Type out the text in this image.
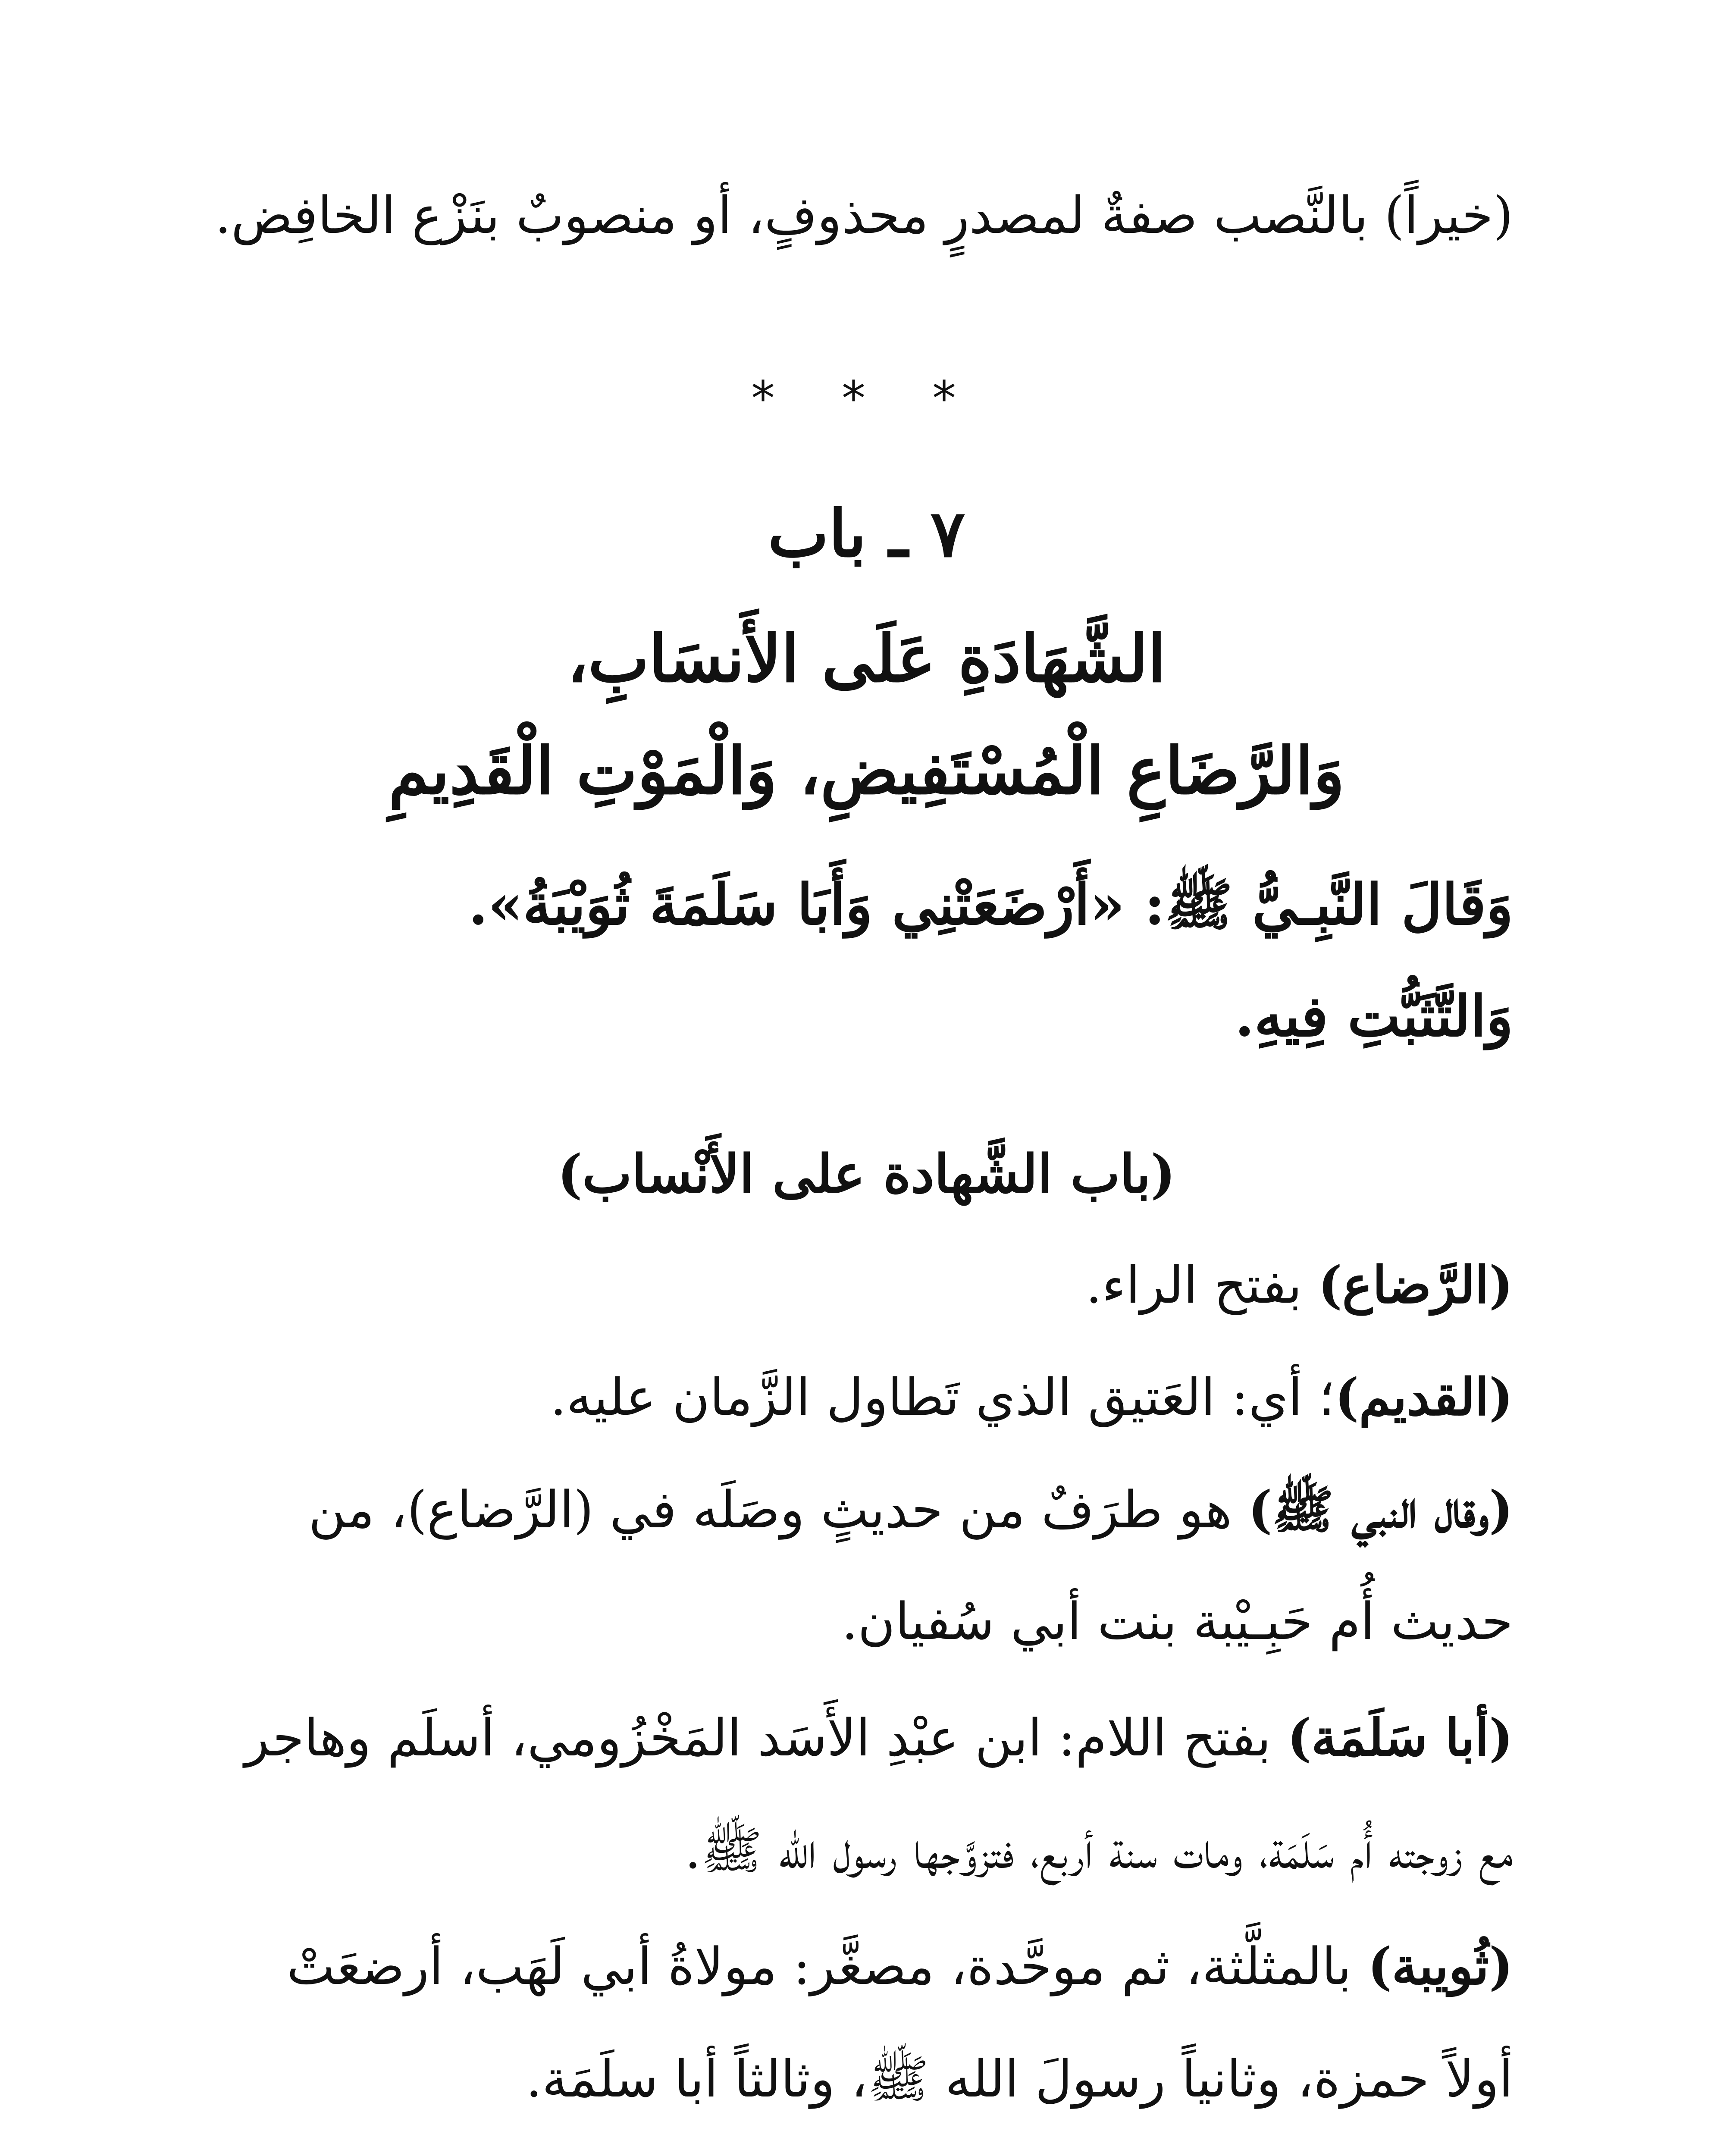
(خيراً) بالنَّصب صفةٌ لمصدرٍ محذوفٍ، أو منصوبٌ بنَزْع الخافِض.
* * *
٧ ـ باب
الشَّهَادَةِ عَلَى الأَنسَابِ،
وَالرَّضَاعِ الْمُسْتَفِيضِ، وَالْمَوْتِ الْقَدِيمِ
وَقَالَ النَّبِـيُّ ﷺ: «أَرْضَعَتْنِي وَأَبَا سَلَمَةَ ثُوَيْبَةُ».
وَالتَّثَبُّتِ فِيهِ.
(باب الشَّهادة على الأَنْساب)
(الرَّضاع) بفتح الراء.
(القديم)؛ أي: العَتيق الذي تَطاول الزَّمان عليه.
(وقال النبي ﷺ) هو طرَفٌ من حديثٍ وصَلَه في (الرَّضاع)، من
حديث أُم حَبِـيْبة بنت أبي سُفيان.
(أبا سَلَمَة) بفتح اللام: ابن عبْدِ الأَسَد المَخْزُومي، أسلَم وهاجر
مع زوجته أُم سَلَمَة، ومات سنة أربع، فتزوَّجها رسول الله ﷺ.
(ثُويبة) بالمثلَّثة، ثم موحَّدة، مصغَّر: مولاةُ أبي لَهَب، أرضعَتْ
أولاً حمزة، وثانياً رسولَ الله ﷺ، وثالثاً أبا سلَمَة.
